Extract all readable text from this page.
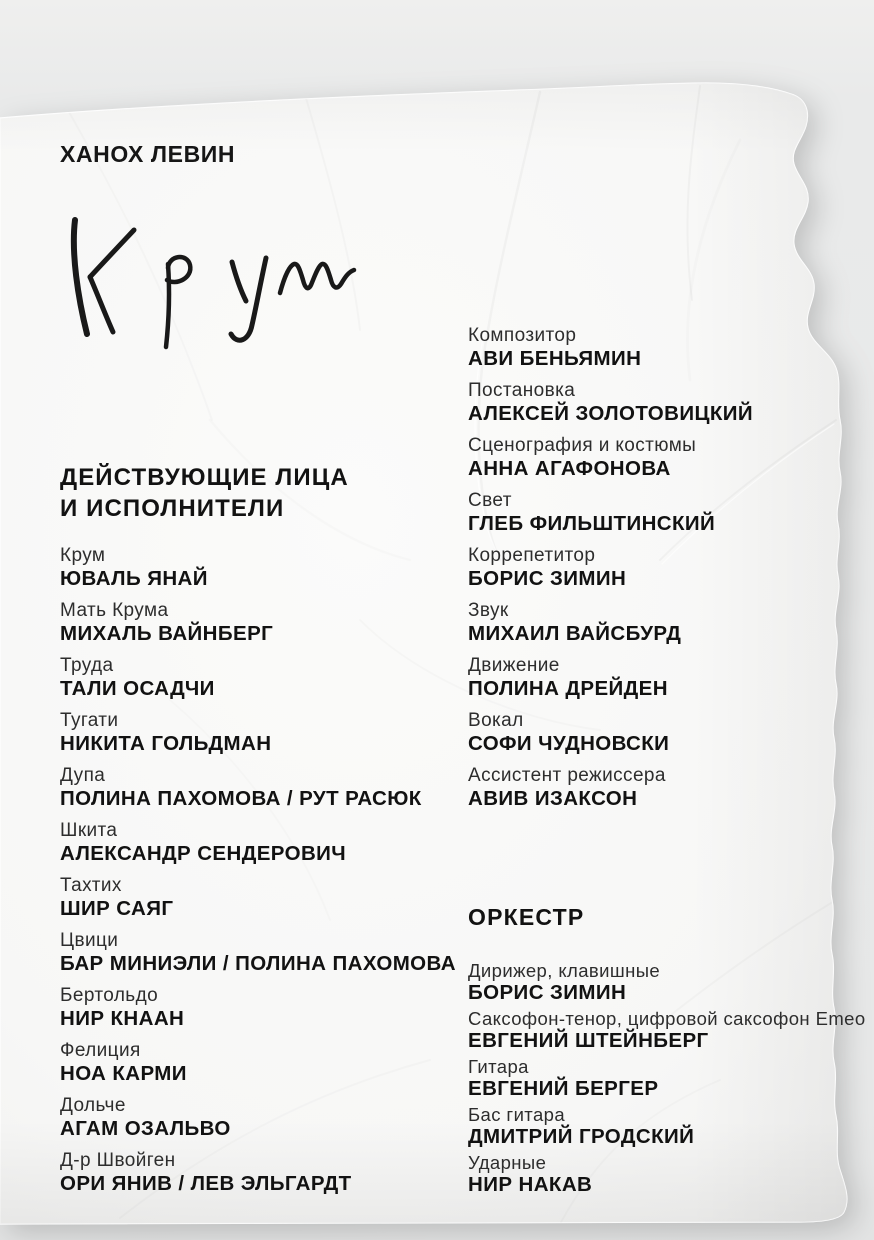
ХАНОХ ЛЕВИН
ДЕЙСТВУЮЩИЕ ЛИЦА
И ИСПОЛНИТЕЛИ
Крум
ЮВАЛЬ ЯНАЙ
Мать Крума
МИХАЛЬ ВАЙНБЕРГ
Труда
ТАЛИ ОСАДЧИ
Тугати
НИКИТА ГОЛЬДМАН
Дупа
ПОЛИНА ПАХОМОВА / РУТ РАСЮК
Шкита
АЛЕКСАНДР СЕНДЕРОВИЧ
Тахтих
ШИР САЯГ
Цвици
БАР МИНИЭЛИ / ПОЛИНА ПАХОМОВА
Бертольдо
НИР КНААН
Фелиция
НОА КАРМИ
Дольче
АГАМ ОЗАЛЬВО
Д-р Швойген
ОРИ ЯНИВ / ЛЕВ ЭЛЬГАРДТ
Композитор
АВИ БЕНЬЯМИН
Постановка
АЛЕКСЕЙ ЗОЛОТОВИЦКИЙ
Сценография и костюмы
АННА АГАФОНОВА
Свет
ГЛЕБ ФИЛЬШТИНСКИЙ
Коррепетитор
БОРИС ЗИМИН
Звук
МИХАИЛ ВАЙСБУРД
Движение
ПОЛИНА ДРЕЙДЕН
Вокал
СОФИ ЧУДНОВСКИ
Ассистент режиссера
АВИВ ИЗАКСОН
ОРКЕСТР
Дирижер, клавишные
БОРИС ЗИМИН
Саксофон-тенор, цифровой саксофон Emeo
ЕВГЕНИЙ ШТЕЙНБЕРГ
Гитара
ЕВГЕНИЙ БЕРГЕР
Бас гитара
ДМИТРИЙ ГРОДСКИЙ
Ударные
НИР НАКАВ
